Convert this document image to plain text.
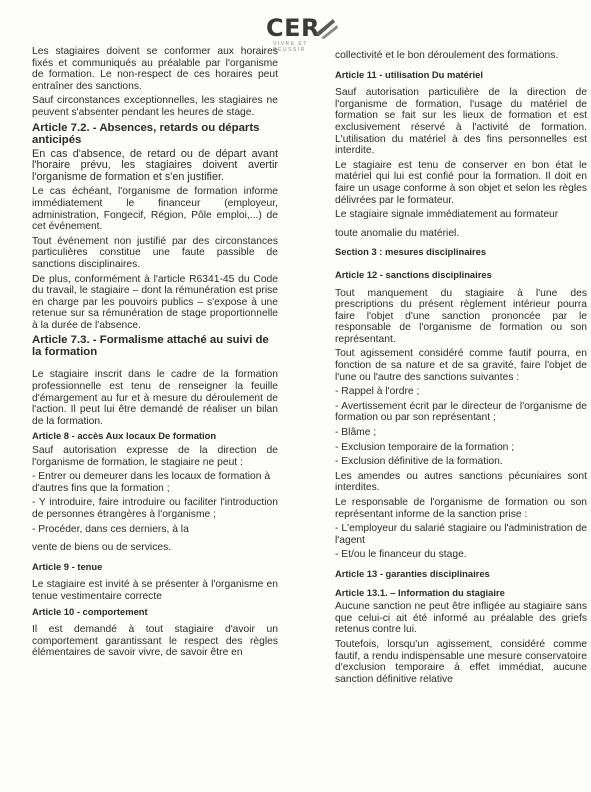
CER
VIVRE ET RÉUSSIR

Les stagiaires doivent se conformer aux horaires fixés et communiqués au préalable par l'organisme de formation. Le non-respect de ces horaires peut entraîner des sanctions.

Sauf circonstances exceptionnelles, les stagiaires ne peuvent s'absenter pendant les heures de stage.

Article 7.2. - Absences, retards ou départs anticipés

En cas d'absence, de retard ou de départ avant l'horaire prévu, les stagiaires doivent avertir l'organisme de formation et s'en justifier.

Le cas échéant, l'organisme de formation informe immédiatement le financeur (employeur, administration, Fongecif, Région, Pôle emploi,...) de cet événement.

Tout événement non justifié par des circonstances particulières constitue une faute passible de sanctions disciplinaires.

De plus, conformément à l'article R6341-45 du Code du travail, le stagiaire – dont la rémunération est prise en charge par les pouvoirs publics – s'expose à une retenue sur sa rémunération de stage proportionnelle à la durée de l'absence.

Article 7.3. - Formalisme attaché au suivi de la formation

Le stagiaire inscrit dans le cadre de la formation professionnelle est tenu de renseigner la feuille d'émargement au fur et à mesure du déroulement de l'action. Il peut lui être demandé de réaliser un bilan de la formation.

Article 8 - accès Aux locaux De formation

Sauf autorisation expresse de la direction de l'organisme de formation, le stagiaire ne peut :

- Entrer ou demeurer dans les locaux de formation à d'autres fins que la formation ;

- Y introduire, faire introduire ou faciliter l'introduction de personnes étrangères à l'organisme ;

- Procéder, dans ces derniers, à la

vente de biens ou de services.

Article 9 - tenue

Le stagiaire est invité à se présenter à l'organisme en tenue vestimentaire correcte

Article 10 - comportement

Il est demandé à tout stagiaire d'avoir un comportement garantissant le respect des règles élémentaires de savoir vivre, de savoir être en

collectivité et le bon déroulement des formations.

Article 11 - utilisation Du matériel

Sauf autorisation particulière de la direction de l'organisme de formation, l'usage du matériel de formation se fait sur les lieux de formation et est exclusivement réservé à l'activité de formation. L'utilisation du matériel à des fins personnelles est interdite.

Le stagiaire est tenu de conserver en bon état le matériel qui lui est confié pour la formation. Il doit en faire un usage conforme à son objet et selon les règles délivrées par le formateur.

Le stagiaire signale immédiatement au formateur

toute anomalie du matériel.

Section 3 : mesures disciplinaires
Article 12 - sanctions disciplinaires

Tout manquement du stagiaire à l'une des prescriptions du présent règlement intérieur pourra faire l'objet d'une sanction prononcée par le responsable de l'organisme de formation ou son représentant.

Tout agissement considéré comme fautif pourra, en fonction de sa nature et de sa gravité, faire l'objet de l'une ou l'autre des sanctions suivantes :

- Rappel à l'ordre ;

- Avertissement écrit par le directeur de l'organisme de formation ou par son représentant ;

- Blâme ;

- Exclusion temporaire de la formation ;

- Exclusion définitive de la formation.

Les amendes ou autres sanctions pécuniaires sont interdites.

Le responsable de l'organisme de formation ou son représentant informe de la sanction prise :

- L'employeur du salarié stagiaire ou l'administration de l'agent

- Et/ou le financeur du stage.

Article 13 - garanties disciplinaires
Article 13.1. – Information du stagiaire

Aucune sanction ne peut être infligée au stagiaire sans que celui-ci ait été informé au préalable des griefs retenus contre lui.

Toutefois, lorsqu'un agissement, considéré comme fautif, a rendu indispensable une mesure conservatoire d'exclusion temporaire à effet immédiat, aucune sanction définitive relative
